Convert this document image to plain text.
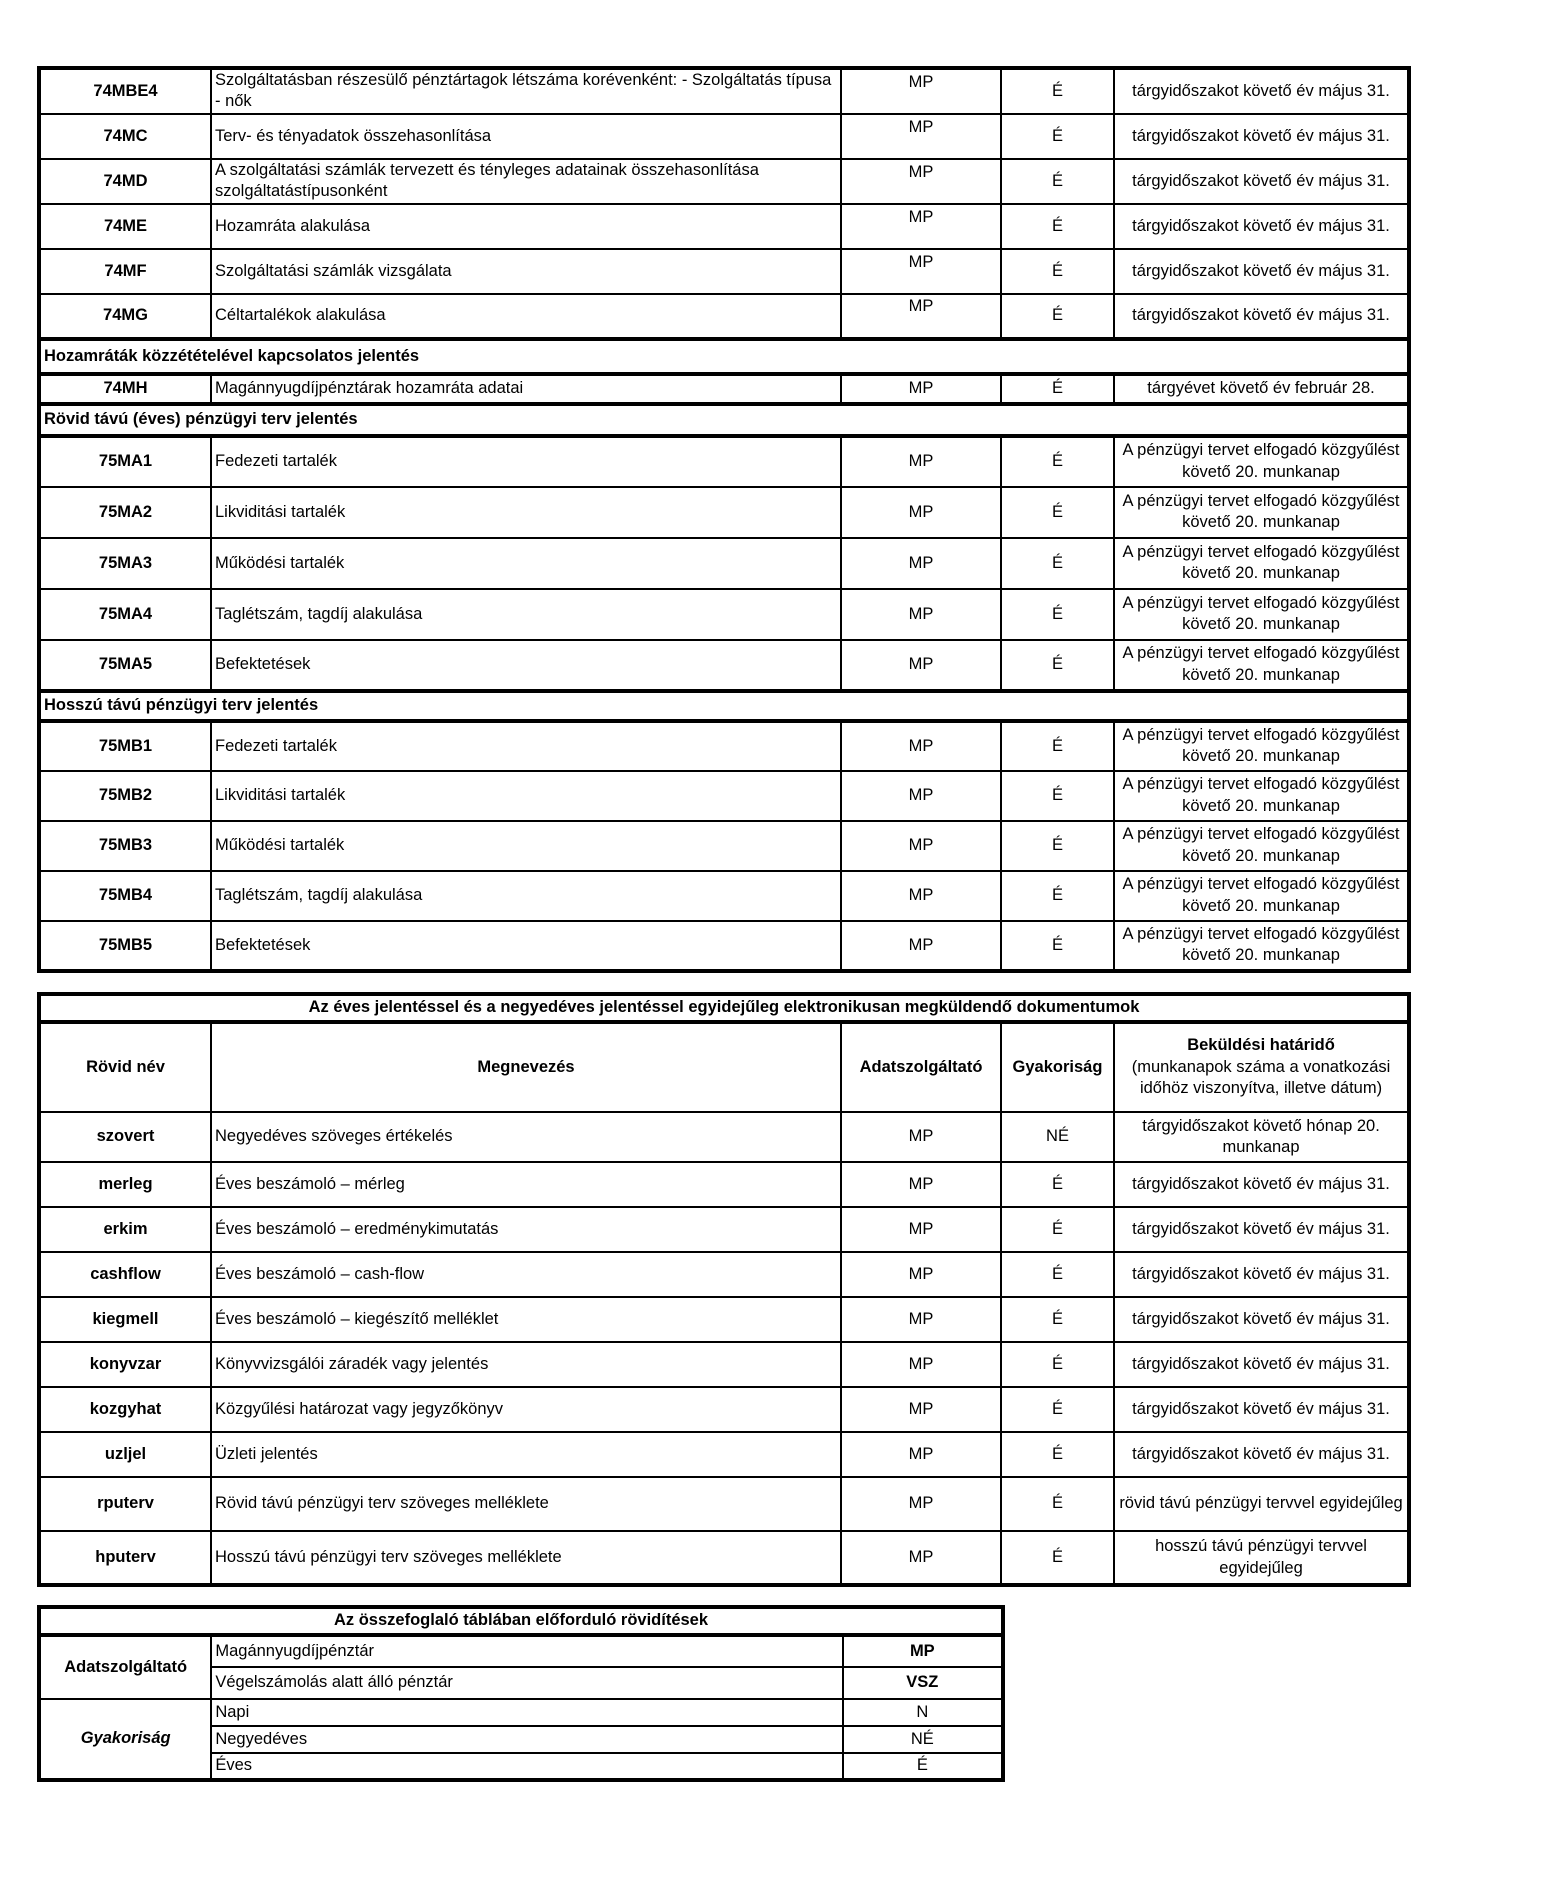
74MBE4	Szolgáltatásban részesülő pénztártagok létszáma korévenként: - Szolgáltatás típusa - nők	MP	É	tárgyidőszakot követő év május 31.
74MC	Terv- és tényadatok összehasonlítása	MP	É	tárgyidőszakot követő év május 31.
74MD	A szolgáltatási számlák tervezett és tényleges adatainak összehasonlítása szolgáltatástípusonként	MP	É	tárgyidőszakot követő év május 31.
74ME	Hozamráta alakulása	MP	É	tárgyidőszakot követő év május 31.
74MF	Szolgáltatási számlák vizsgálata	MP	É	tárgyidőszakot követő év május 31.
74MG	Céltartalékok alakulása	MP	É	tárgyidőszakot követő év május 31.
Hozamráták közzétételével kapcsolatos jelentés				
74MH	Magánnyugdíjpénztárak hozamráta adatai	MP	É	tárgyévet követő év február 28.
Rövid távú (éves) pénzügyi terv jelentés				
75MA1	Fedezeti tartalék	MP	É	A pénzügyi tervet elfogadó közgyűlést követő 20. munkanap
75MA2	Likviditási tartalék	MP	É	A pénzügyi tervet elfogadó közgyűlést követő 20. munkanap
75MA3	Működési tartalék	MP	É	A pénzügyi tervet elfogadó közgyűlést követő 20. munkanap
75MA4	Taglétszám, tagdíj alakulása	MP	É	A pénzügyi tervet elfogadó közgyűlést követő 20. munkanap
75MA5	Befektetések	MP	É	A pénzügyi tervet elfogadó közgyűlést követő 20. munkanap
Hosszú távú pénzügyi terv jelentés				
75MB1	Fedezeti tartalék	MP	É	A pénzügyi tervet elfogadó közgyűlést követő 20. munkanap
75MB2	Likviditási tartalék	MP	É	A pénzügyi tervet elfogadó közgyűlést követő 20. munkanap
75MB3	Működési tartalék	MP	É	A pénzügyi tervet elfogadó közgyűlést követő 20. munkanap
75MB4	Taglétszám, tagdíj alakulása	MP	É	A pénzügyi tervet elfogadó közgyűlést követő 20. munkanap
75MB5	Befektetések	MP	É	A pénzügyi tervet elfogadó közgyűlést követő 20. munkanap
Az éves jelentéssel és a negyedéves jelentéssel egyidejűleg elektronikusan megküldendő dokumentumok				
Rövid név	Megnevezés	Adatszolgáltató	Gyakoriság	Beküldési határidő
(munkanapok száma a vonatkozási időhöz viszonyítva, illetve dátum)

szovert	Negyedéves szöveges értékelés	MP	NÉ	tárgyidőszakot követő hónap 20. munkanap
merleg	Éves beszámoló – mérleg	MP	É	tárgyidőszakot követő év május 31.
erkim	Éves beszámoló – eredménykimutatás	MP	É	tárgyidőszakot követő év május 31.
cashflow	Éves beszámoló – cash-flow	MP	É	tárgyidőszakot követő év május 31.
kiegmell	Éves beszámoló – kiegészítő melléklet	MP	É	tárgyidőszakot követő év május 31.
konyvzar	Könyvvizsgálói záradék vagy jelentés	MP	É	tárgyidőszakot követő év május 31.
kozgyhat	Közgyűlési határozat vagy jegyzőkönyv	MP	É	tárgyidőszakot követő év május 31.
uzljel	Üzleti jelentés	MP	É	tárgyidőszakot követő év május 31.
rputerv	Rövid távú pénzügyi terv szöveges melléklete	MP	É	rövid távú pénzügyi tervvel egyidejűleg
hputerv	Hosszú távú pénzügyi terv szöveges melléklete	MP	É	hosszú távú pénzügyi tervvel egyidejűleg
Az összefoglaló táblában előforduló rövidítések		
Adatszolgáltató	Magánnyugdíjpénztár	MP
	Végelszámolás alatt álló pénztár	VSZ
Gyakoriság	Napi	N
	Negyedéves	NÉ
	Éves	É
